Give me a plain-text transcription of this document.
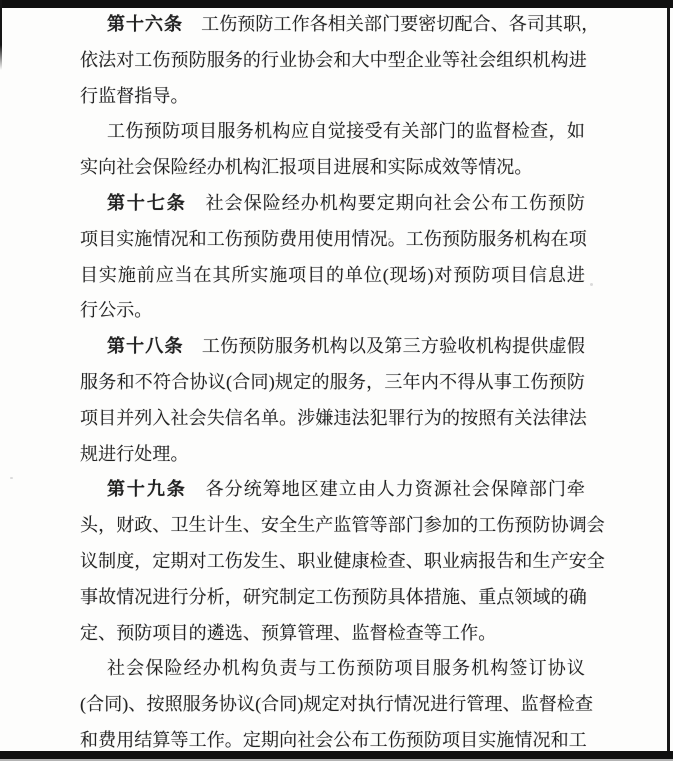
第十六条　工伤预防工作各相关部门要密切配合、各司其职，
依法对工伤预防服务的行业协会和大中型企业等社会组织机构进
行监督指导。
工伤预防项目服务机构应自觉接受有关部门的监督检查，如
实向社会保险经办机构汇报项目进展和实际成效等情况。
第十七条　社会保险经办机构要定期向社会公布工伤预防
项目实施情况和工伤预防费用使用情况。工伤预防服务机构在项
目实施前应当在其所实施项目的单位(现场)对预防项目信息进
行公示。
第十八条　工伤预防服务机构以及第三方验收机构提供虚假
服务和不符合协议(合同)规定的服务，三年内不得从事工伤预防
项目并列入社会失信名单。涉嫌违法犯罪行为的按照有关法律法
规进行处理。
第十九条　各分统筹地区建立由人力资源社会保障部门牵
头，财政、卫生计生、安全生产监管等部门参加的工伤预防协调会
议制度，定期对工伤发生、职业健康检查、职业病报告和生产安全
事故情况进行分析，研究制定工伤预防具体措施、重点领域的确
定、预防项目的遴选、预算管理、监督检查等工作。
社会保险经办机构负责与工伤预防项目服务机构签订协议
(合同)、按照服务协议(合同)规定对执行情况进行管理、监督检查
和费用结算等工作。定期向社会公布工伤预防项目实施情况和工
